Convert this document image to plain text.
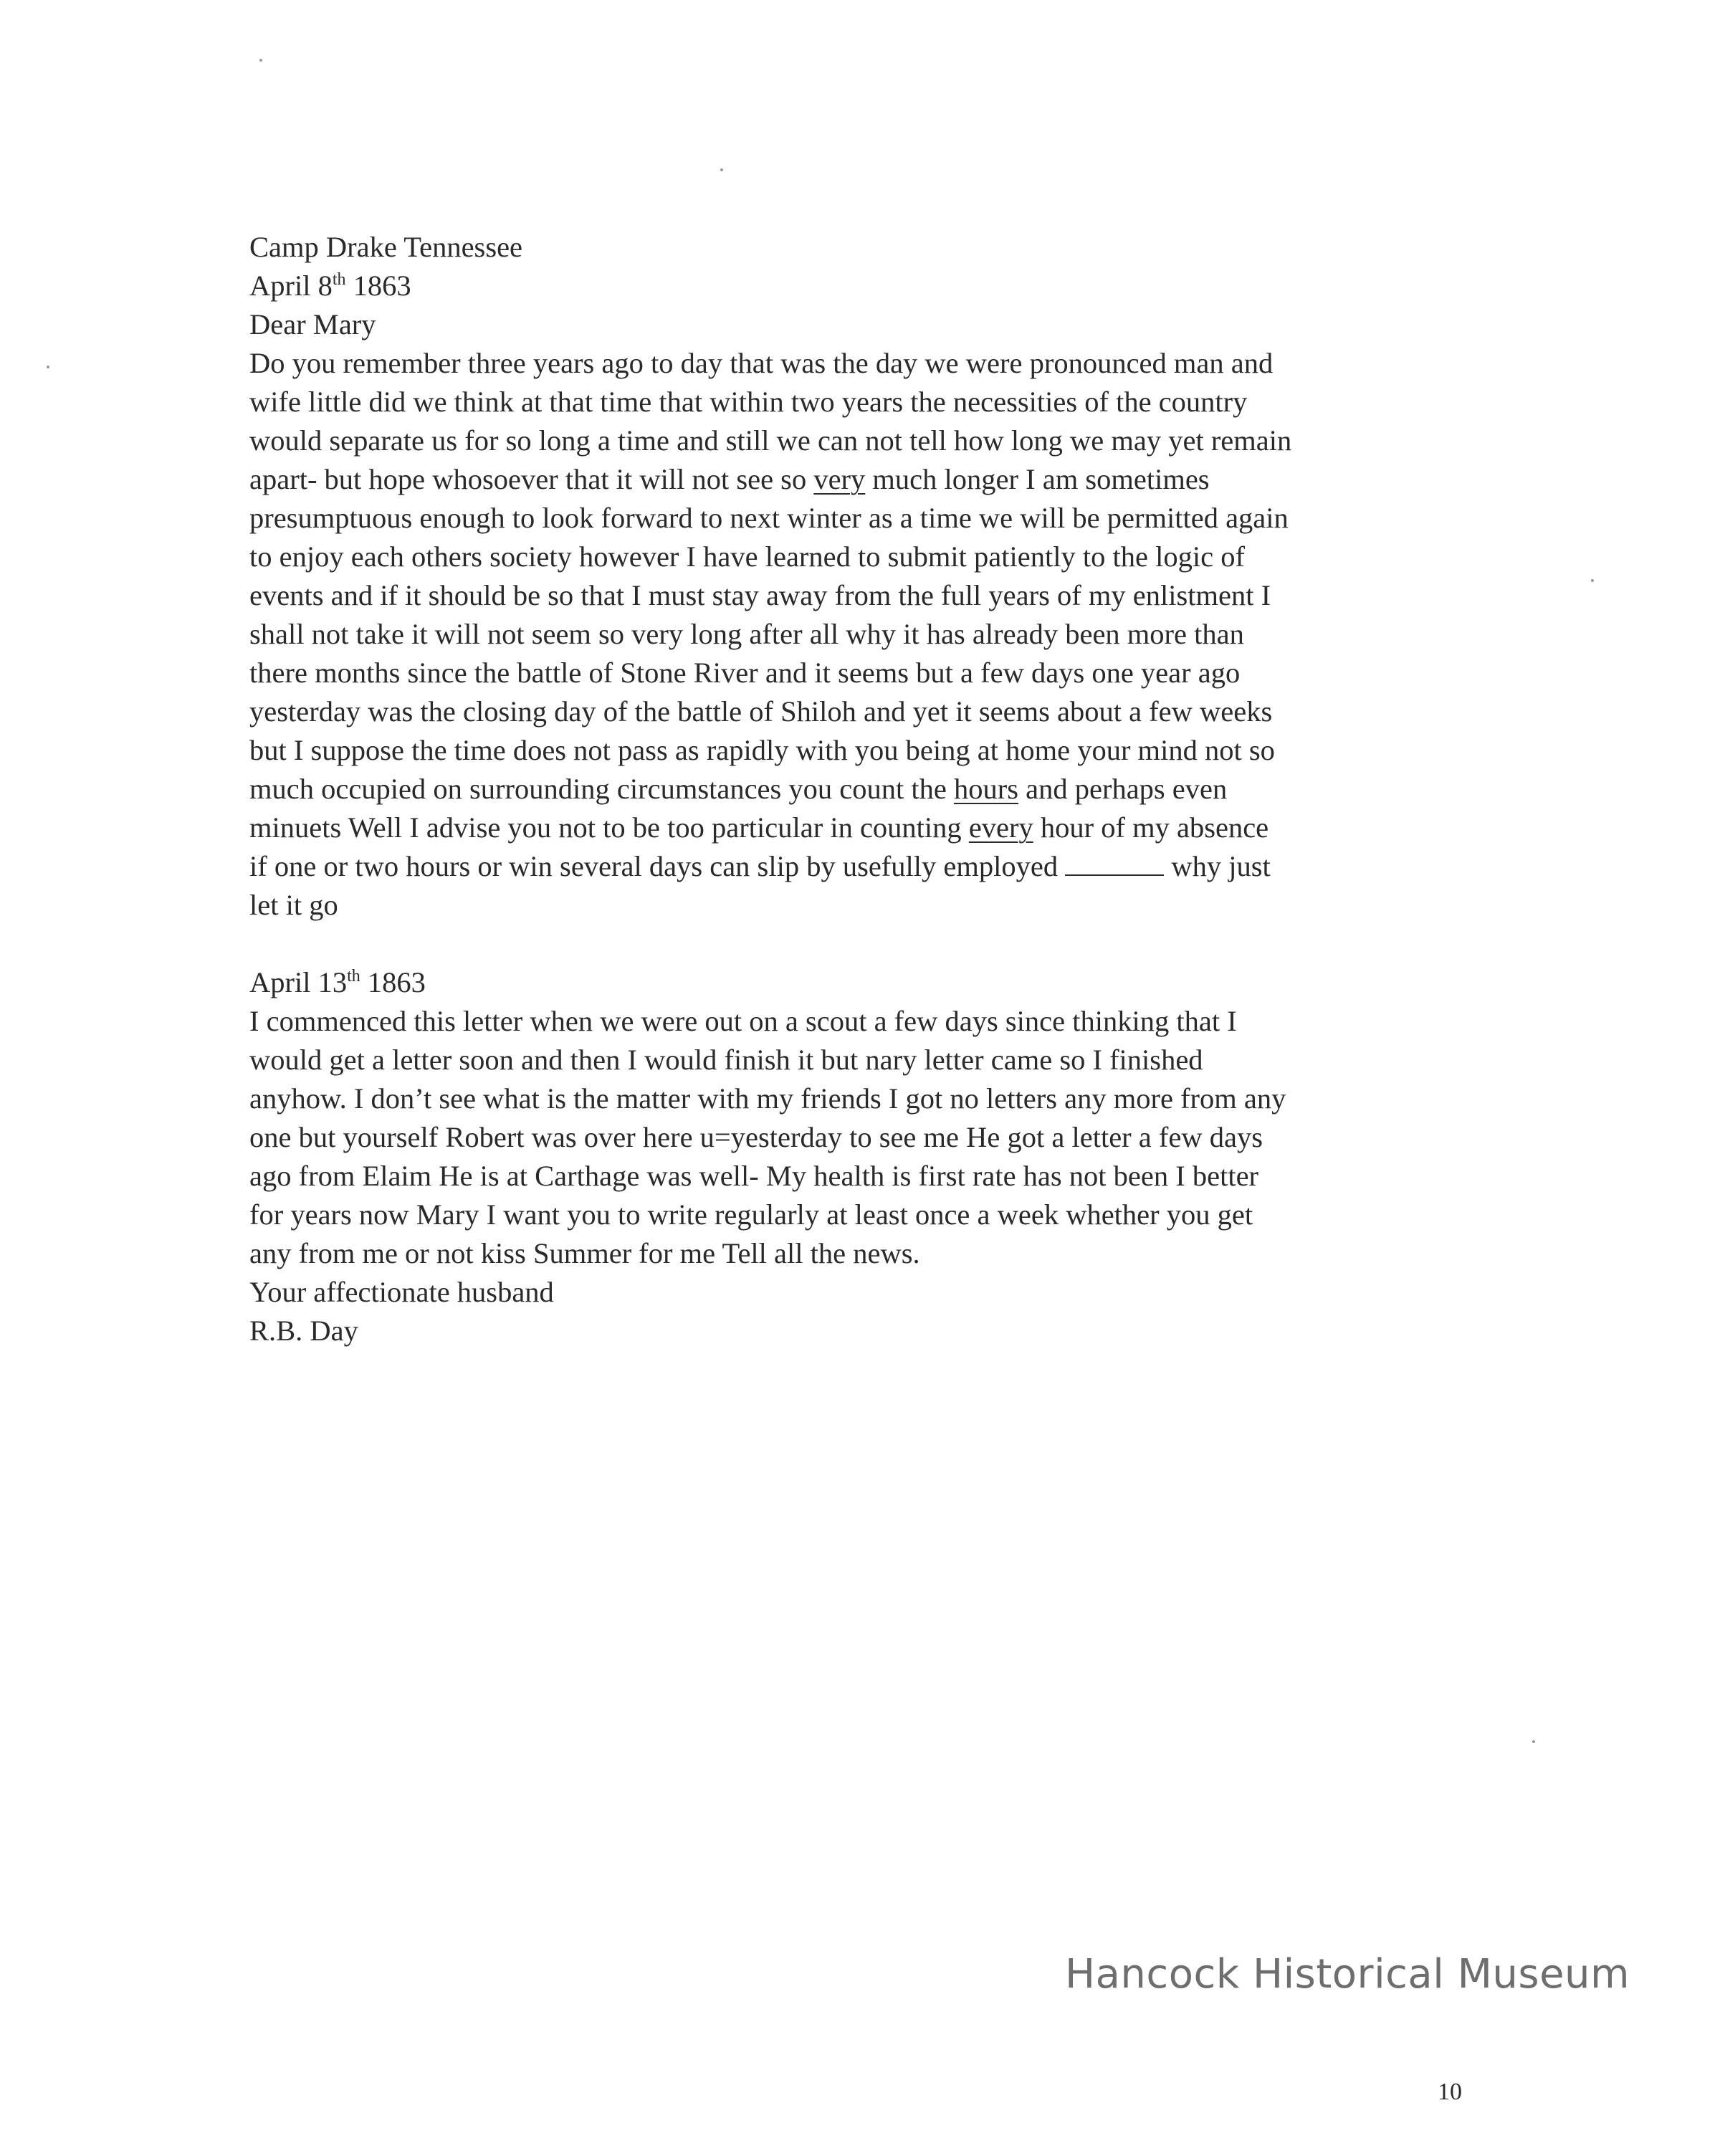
Camp Drake Tennessee
April 8th 1863
Dear Mary
Do you remember three years ago to day that was the day we were pronounced man and
wife little did we think at that time that within two years the necessities of the country
would separate us for so long a time and still we can not tell how long we may yet remain
apart- but hope whosoever that it will not see so very much longer I am sometimes
presumptuous enough to look forward to next winter as a time we will be permitted again
to enjoy each others society however I have learned to submit patiently to the logic of
events and if it should be so that I must stay away from the full years of my enlistment I
shall not take it will not seem so very long after all why it has already been more than
there months since the battle of Stone River and it seems but a few days one year ago
yesterday was the closing day of the battle of Shiloh and yet it seems about a few weeks
but I suppose the time does not pass as rapidly with you being at home your mind not so
much occupied on surrounding circumstances you count the hours and perhaps even
minuets Well I advise you not to be too particular in counting every hour of my absence
if one or two hours or win several days can slip by usefully employed	why just
let it go
April 13th 1863
I commenced this letter when we were out on a scout a few days since thinking that I
would get a letter soon and then I would finish it but nary letter came so I finished
anyhow. I don’t see what is the matter with my friends I got no letters any more from any
one but yourself Robert was over here u=yesterday to see me He got a letter a few days
ago from Elaim He is at Carthage was well- My health is first rate has not been I better
for years now Mary I want you to write regularly at least once a week whether you get
any from me or not kiss Summer for me Tell all the news.
Your affectionate husband
R.B. Day
Hancock Historical Museum
10
